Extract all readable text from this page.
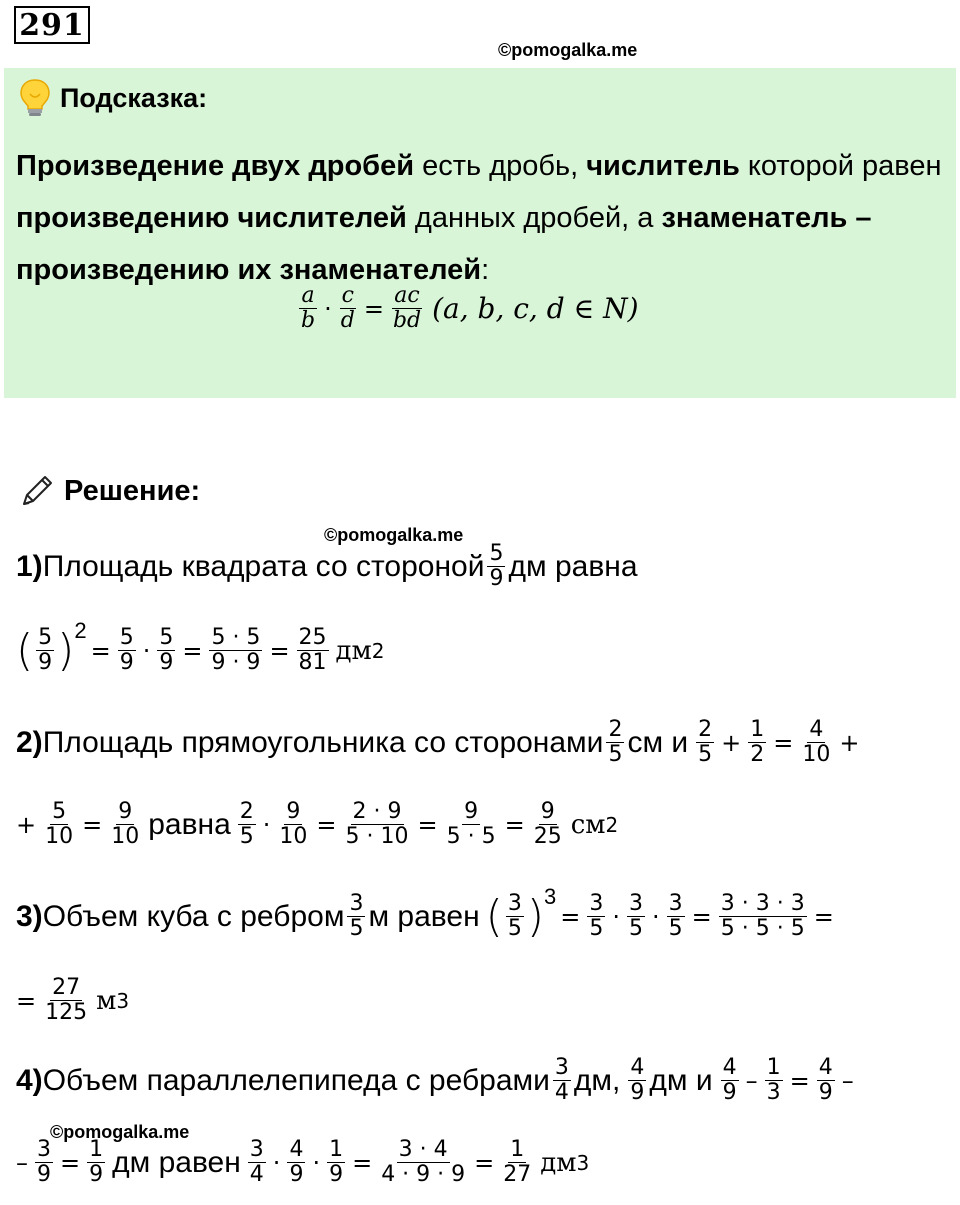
291
©pomogalka.me
Подсказка:
Произведение двух дробей есть дробь, числитель которой равен произведению числителей данных дробей, а знаменатель – произведению их знаменателей:
$\frac{a}{b} \cdot \frac{c}{d} = \frac{ac}{bd} (a$, b, c, d ∈ N)
Решение:
©pomogalka.me
1) Площадь квадрата со стороной $\frac{5}{9}$ дм равна
( $\frac{5}{9}$ ) 2
= $\frac{5}{9} \cdot \frac{5}{9} = \frac{5 \cdot 5}{9 \cdot 9} = \frac{25}{81}$ дм 2
2) Площадь прямоугольника со сторонами $\frac{2}{5}$ см и $\frac{2}{5} + \frac{1}{2} = \frac{4}{10}$ +
+ $\frac{5}{10} = \frac{9}{10}$ равна $\frac{2}{5} \cdot \frac{9}{10} = \frac{2 \cdot 9}{5 \cdot 10} = \frac{9}{5 \cdot 5} = \frac{9}{25}$ см 2
3) Объем куба с ребром $\frac{3}{5}$ м равен ( $\frac{3}{5}$ ) 3
= $\frac{3}{5} \cdot \frac{3}{5} \cdot \frac{3}{5} = \frac{3 \cdot 3 \cdot 3}{5 \cdot 5 \cdot 5}$ =
= $\frac{27}{125}$ м 3
4) Объем параллелепипеда с ребрами $\frac{3}{4}$ дм, $\frac{4}{9}$ дм и $\frac{4}{9} - \frac{1}{3} = \frac{4}{9}$ –
©pomogalka.me
– $\frac{3}{9} = \frac{1}{9}$ дм равен $\frac{3}{4} \cdot \frac{4}{9} \cdot \frac{1}{9} = \frac{3 \cdot 4}{4 \cdot 9 \cdot 9} = \frac{1}{27}$ дм 3
